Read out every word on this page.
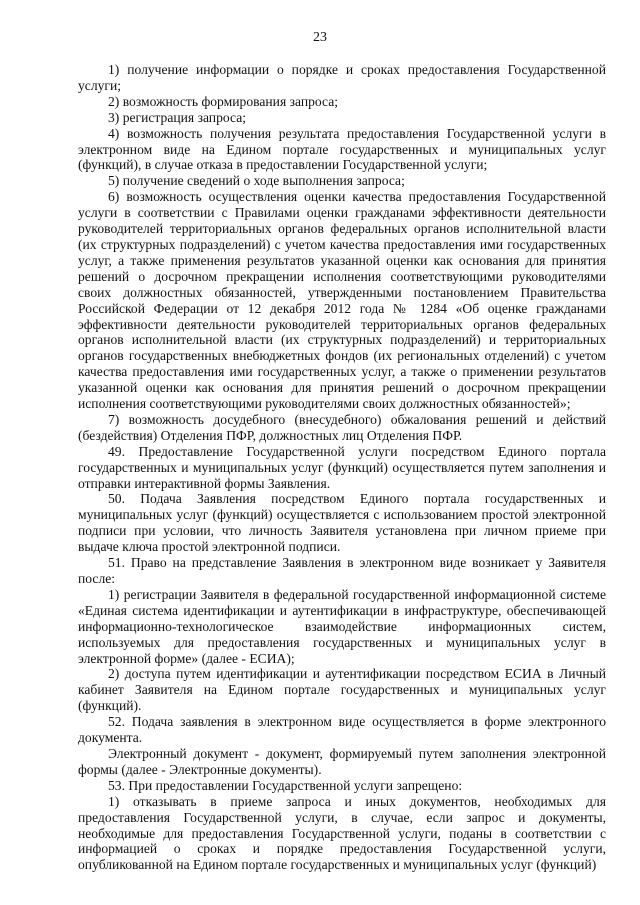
23

1) получение информации о порядке и сроках предоставления Государственной услуги;

2) возможность формирования запроса;

3) регистрация запроса;

4) возможность получения результата предоставления Государственной услуги в электронном виде на Едином портале государственных и муниципальных услуг (функций), в случае отказа в предоставлении Государственной услуги;

5) получение сведений о ходе выполнения запроса;

6) возможность осуществления оценки качества предоставления Государственной услуги в соответствии с Правилами оценки гражданами эффективности деятельности руководителей территориальных органов федеральных органов исполнительной власти (их структурных подразделений) с учетом качества предоставления ими государственных услуг, а также применения результатов указанной оценки как основания для принятия решений о досрочном прекращении исполнения соответствующими руководителями своих должностных обязанностей, утвержденными постановлением Правительства Российской Федерации от 12 декабря 2012 года № 1284 «Об оценке гражданами эффективности деятельности руководителей территориальных органов федеральных органов исполнительной власти (их структурных подразделений) и территориальных органов государственных внебюджетных фондов (их региональных отделений) с учетом качества предоставления ими государственных услуг, а также о применении результатов указанной оценки как основания для принятия решений о досрочном прекращении исполнения соответствующими руководителями своих должностных обязанностей»;

7) возможность досудебного (внесудебного) обжалования решений и действий (бездействия) Отделения ПФР, должностных лиц Отделения ПФР.

49. Предоставление Государственной услуги посредством Единого портала государственных и муниципальных услуг (функций) осуществляется путем заполнения и отправки интерактивной формы Заявления.

50. Подача Заявления посредством Единого портала государственных и муниципальных услуг (функций) осуществляется с использованием простой электронной подписи при условии, что личность Заявителя установлена при личном приеме при выдаче ключа простой электронной подписи.

51. Право на представление Заявления в электронном виде возникает у Заявителя после:

1) регистрации Заявителя в федеральной государственной информационной системе «Единая система идентификации и аутентификации в инфраструктуре, обеспечивающей информационно-технологическое взаимодействие информационных систем, используемых для предоставления государственных и муниципальных услуг в электронной форме» (далее - ЕСИА);

2) доступа путем идентификации и аутентификации посредством ЕСИА в Личный кабинет Заявителя на Едином портале государственных и муниципальных услуг (функций).

52. Подача заявления в электронном виде осуществляется в форме электронного документа.

Электронный документ - документ, формируемый путем заполнения электронной формы (далее - Электронные документы).

53. При предоставлении Государственной услуги запрещено:

1) отказывать в приеме запроса и иных документов, необходимых для предоставления Государственной услуги, в случае, если запрос и документы, необходимые для предоставления Государственной услуги, поданы в соответствии с информацией о сроках и порядке предоставления Государственной услуги, опубликованной на Едином портале государственных и муниципальных услуг (функций)
